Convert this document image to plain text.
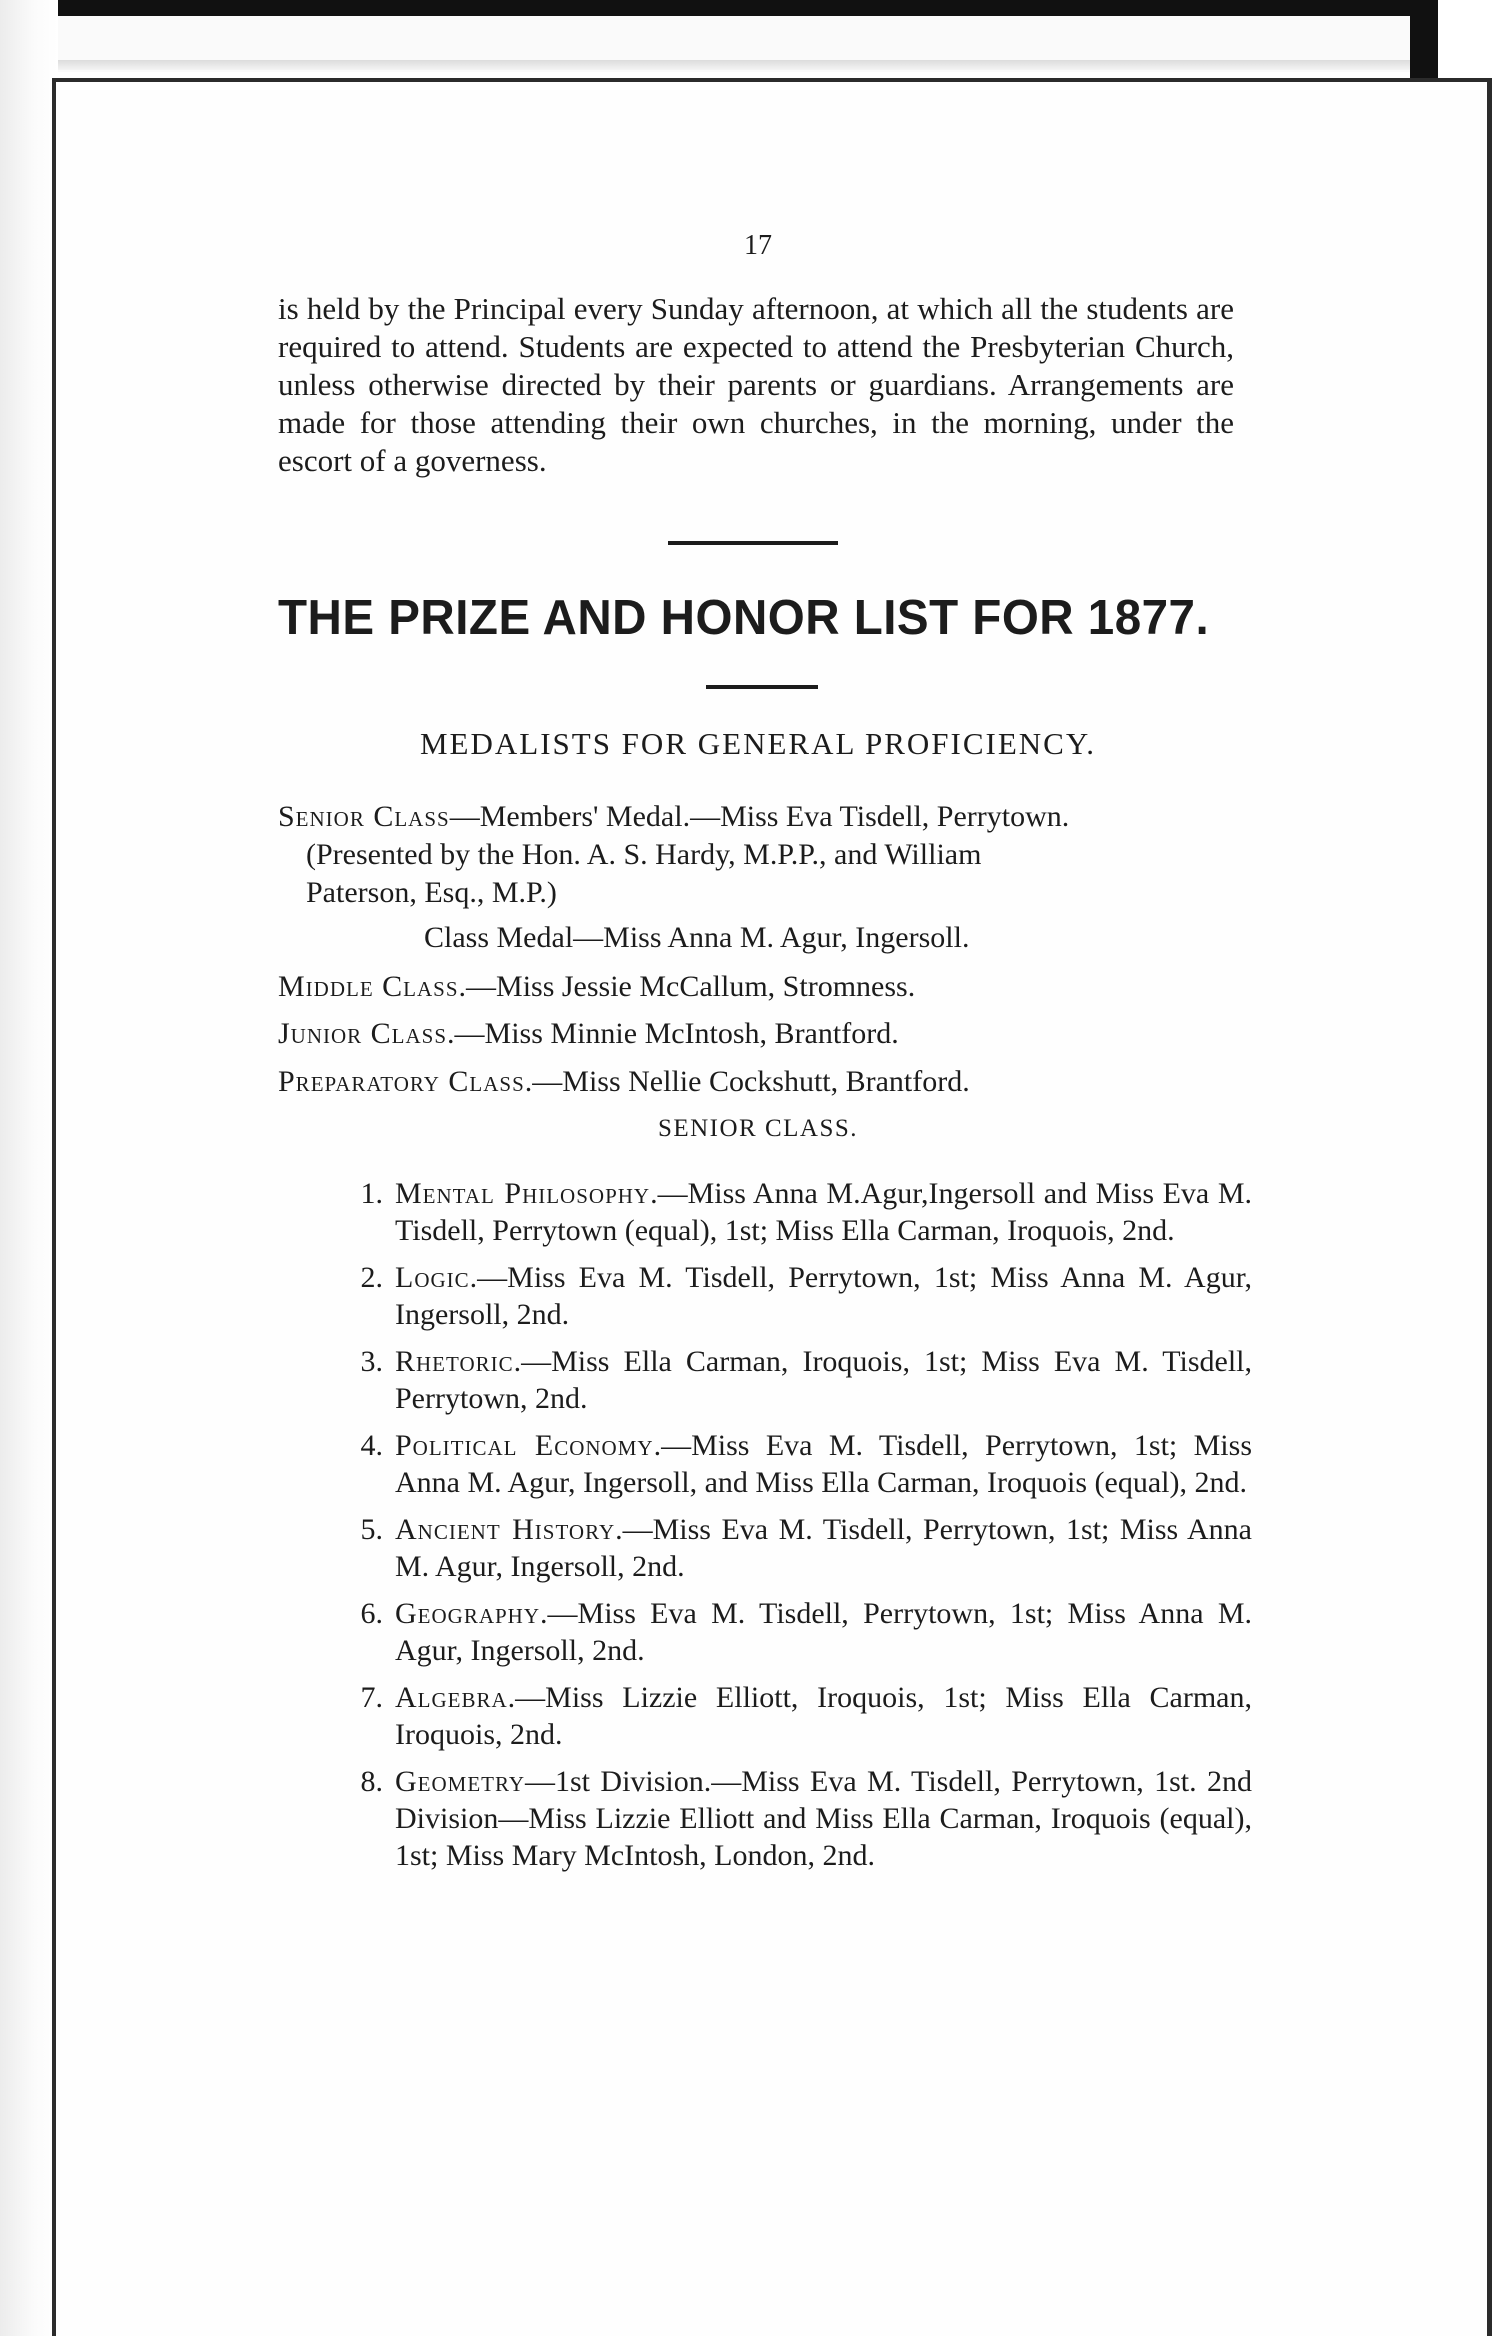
17

is held by the Principal every Sunday afternoon, at which all the students are required to attend. Students are expected to attend the Presbyterian Church, unless otherwise directed by their parents or guardians. Arrangements are made for those attending their own churches, in the morning, under the escort of a governess.

THE PRIZE AND HONOR LIST FOR 1877.
MEDALISTS FOR GENERAL PROFICIENCY.
Senior Class—Members' Medal.—Miss Eva Tisdell, Perrytown.
(Presented by the Hon. A. S. Hardy, M.P.P., and William
Paterson, Esq., M.P.)
Class Medal—Miss Anna M. Agur, Ingersoll.
Middle Class.—Miss Jessie McCallum, Stromness.
Junior Class.—Miss Minnie McIntosh, Brantford.
Preparatory Class.—Miss Nellie Cockshutt, Brantford.
SENIOR CLASS.
1. Mental Philosophy.—Miss Anna M.Agur,Ingersoll and Miss Eva M. Tisdell, Perrytown (equal), 1st; Miss Ella Carman, Iroquois, 2nd.
2. Logic.—Miss Eva M. Tisdell, Perrytown, 1st; Miss Anna M. Agur, Ingersoll, 2nd.
3. Rhetoric.—Miss Ella Carman, Iroquois, 1st; Miss Eva M. Tisdell, Perrytown, 2nd.
4. Political Economy.—Miss Eva M. Tisdell, Perrytown, 1st; Miss Anna M. Agur, Ingersoll, and Miss Ella Carman, Iroquois (equal), 2nd.
5. Ancient History.—Miss Eva M. Tisdell, Perrytown, 1st; Miss Anna M. Agur, Ingersoll, 2nd.
6. Geography.—Miss Eva M. Tisdell, Perrytown, 1st; Miss Anna M. Agur, Ingersoll, 2nd.
7. Algebra.—Miss Lizzie Elliott, Iroquois, 1st; Miss Ella Carman, Iroquois, 2nd.
8. Geometry—1st Division.—Miss Eva M. Tisdell, Perrytown, 1st. 2nd Division—Miss Lizzie Elliott and Miss Ella Carman, Iroquois (equal), 1st; Miss Mary McIntosh, London, 2nd.
